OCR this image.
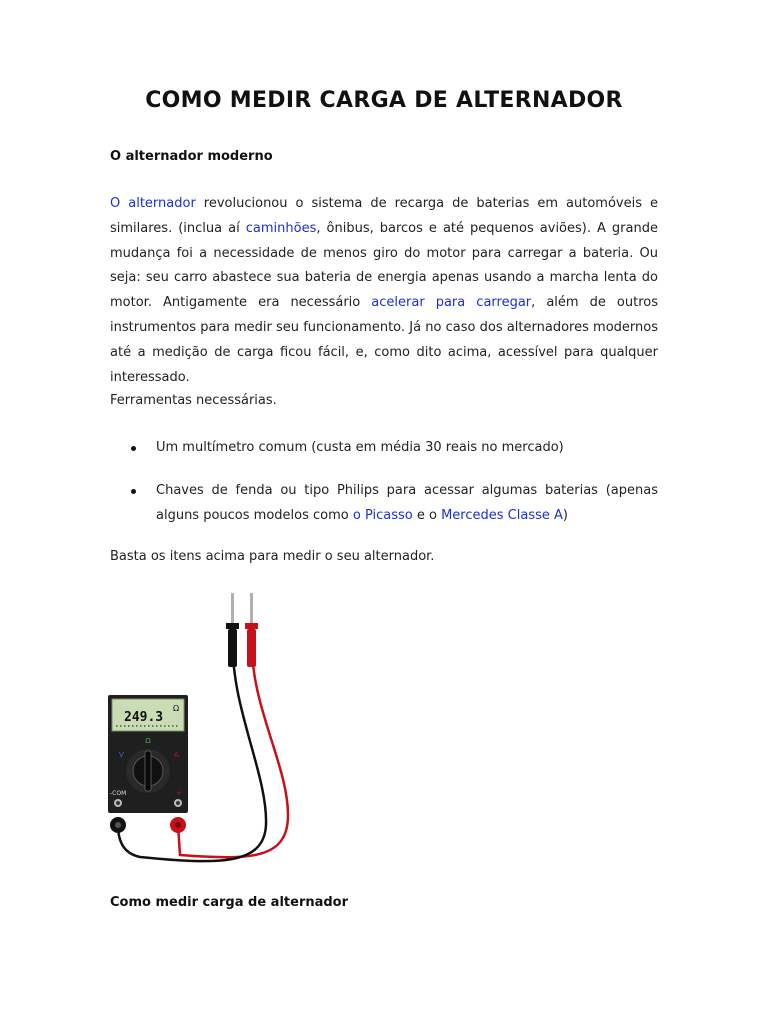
COMO MEDIR CARGA DE ALTERNADOR
O alternador moderno
O alternador revolucionou o sistema de recarga de baterias em automóveis e similares. (inclua aí caminhões, ônibus, barcos e até pequenos aviões). A grande mudança foi a necessidade de menos giro do motor para carregar a bateria. Ou seja: seu carro abastece sua bateria de energia apenas usando a marcha lenta do motor. Antigamente era necessário acelerar para carregar, além de outros instrumentos para medir seu funcionamento. Já no caso dos alternadores modernos até a medição de carga ficou fácil, e, como dito acima, acessível para qualquer interessado.
Ferramentas necessárias.
Um multímetro comum (custa em média 30 reais no mercado)
Chaves de fenda ou tipo Philips para acessar algumas baterias (apenas alguns poucos modelos como o Picasso e o Mercedes Classe A)
Basta os itens acima para medir o seu alternador.
249.3
Ω
Ω
V	A
-COM	+
Como medir carga de alternador
